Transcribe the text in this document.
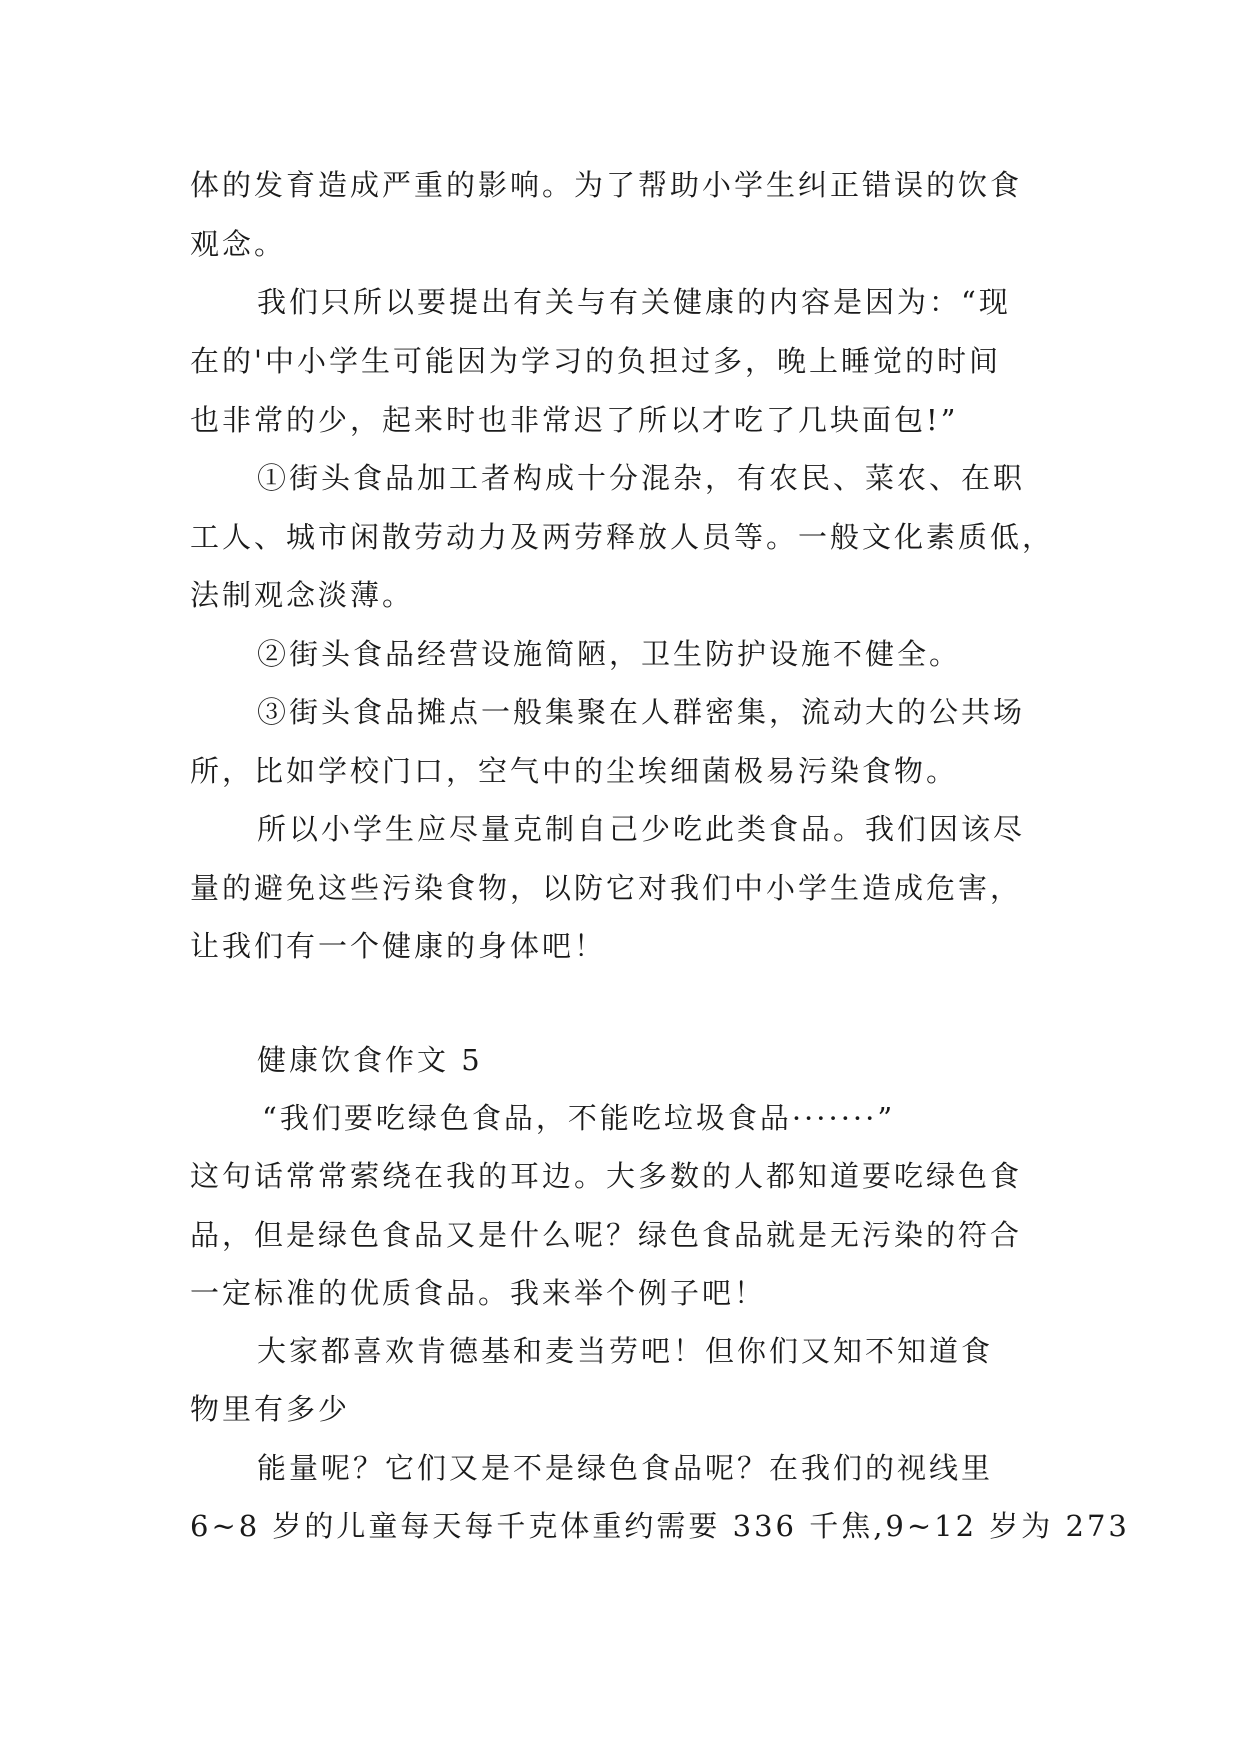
体的发育造成严重的影响。为了帮助小学生纠正错误的饮食
观念。
我们只所以要提出有关与有关健康的内容是因为：“现
在的'中小学生可能因为学习的负担过多，晚上睡觉的时间
也非常的少，起来时也非常迟了所以才吃了几块面包!”
①街头食品加工者构成十分混杂，有农民、菜农、在职
工人、城市闲散劳动力及两劳释放人员等。一般文化素质低，
法制观念淡薄。
②街头食品经营设施简陋，卫生防护设施不健全。
③街头食品摊点一般集聚在人群密集，流动大的公共场
所，比如学校门口，空气中的尘埃细菌极易污染食物。
所以小学生应尽量克制自己少吃此类食品。我们因该尽
量的避免这些污染食物，以防它对我们中小学生造成危害，
让我们有一个健康的身体吧！
健康饮食作文 5
“我们要吃绿色食品，不能吃垃圾食品·······”
这句话常常萦绕在我的耳边。大多数的人都知道要吃绿色食
品，但是绿色食品又是什么呢？绿色食品就是无污染的符合
一定标准的优质食品。我来举个例子吧！
大家都喜欢肯德基和麦当劳吧！但你们又知不知道食
物里有多少
能量呢？它们又是不是绿色食品呢？在我们的视线里
6~8 岁的儿童每天每千克体重约需要 336 千焦,9~12 岁为 273
